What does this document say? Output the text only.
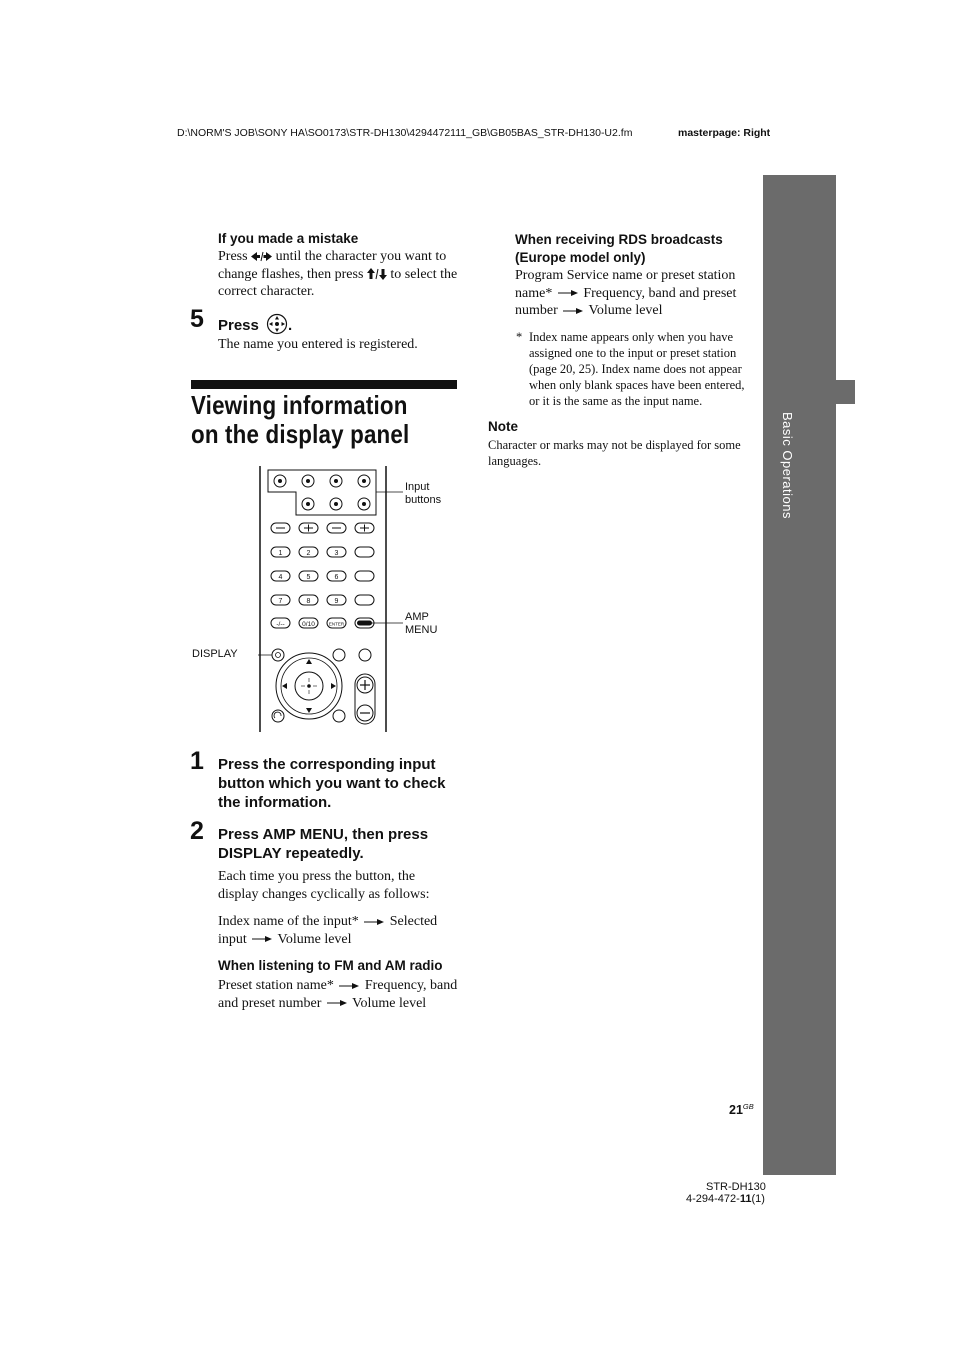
D:\NORM'S JOB\SONY HA\SO0173\STR-DH130\4294472111_GB\GB05BAS_STR-DH130-U2.fm	masterpage: Right
Basic Operations
If you made a mistake
Press until the character you want to change flashes, then press to select the correct character.
5 Press .
The name you entered is registered.
Viewing information on the display panel
1	2	3
4	5	6
7	8	9
-/--	0/10	ENTER
Input buttons
AMP MENU
DISPLAY
1 Press the corresponding input button which you want to check the information.
2 Press AMP MENU, then press DISPLAY repeatedly.
Each time you press the button, the display changes cyclically as follows:
Index name of the input* Selected input Volume level
When listening to FM and AM radio
Preset station name* Frequency, band and preset number Volume level
When receiving RDS broadcasts (Europe model only)
Program Service name or preset station name* Frequency, band and preset number Volume level
* Index name appears only when you have assigned one to the input or preset station (page 20, 25). Index name does not appear when only blank spaces have been entered, or it is the same as the input name.
Note
Character or marks may not be displayed for some languages.
$21^{GB}$
STR-DH130
4-294-472-11(1)
